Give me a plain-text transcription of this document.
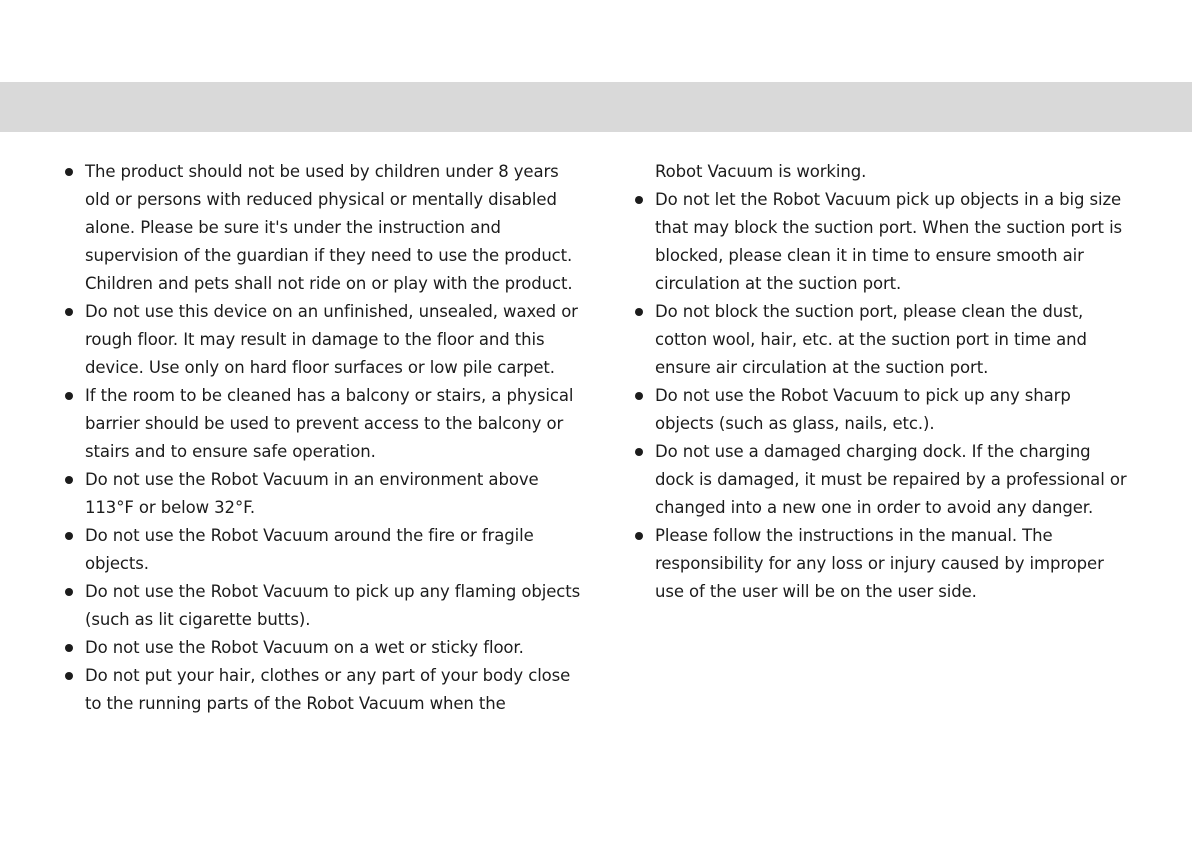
The product should not be used by children under 8 years old or persons with reduced physical or mentally disabled alone. Please be sure it's under the instruction and supervision of the guardian if they need to use the product. Children and pets shall not ride on or play with the product.
Do not use this device on an unfinished, unsealed, waxed or rough floor. It may result in damage to the floor and this device. Use only on hard floor surfaces or low pile carpet.
If the room to be cleaned has a balcony or stairs, a physical barrier should be used to prevent access to the balcony or stairs and to ensure safe operation.
Do not use the Robot Vacuum in an environment above 113°F or below 32°F.
Do not use the Robot Vacuum around the fire or fragile objects.
Do not use the Robot Vacuum to pick up any flaming objects (such as lit cigarette butts).
Do not use the Robot Vacuum on a wet or sticky floor.
Do not put your hair, clothes or any part of your body close to the running parts of the Robot Vacuum when the
Robot Vacuum is working.
Do not let the Robot Vacuum pick up objects in a big size that may block the suction port. When the suction port is blocked, please clean it in time to ensure smooth air circulation at the suction port.
Do not block the suction port, please clean the dust, cotton wool, hair, etc. at the suction port in time and ensure air circulation at the suction port.
Do not use the Robot Vacuum to pick up any sharp objects (such as glass, nails, etc.).
Do not use a damaged charging dock. If the charging dock is damaged, it must be repaired by a professional or changed into a new one in order to avoid any danger.
Please follow the instructions in the manual. The responsibility for any loss or injury caused by improper use of the user will be on the user side.
